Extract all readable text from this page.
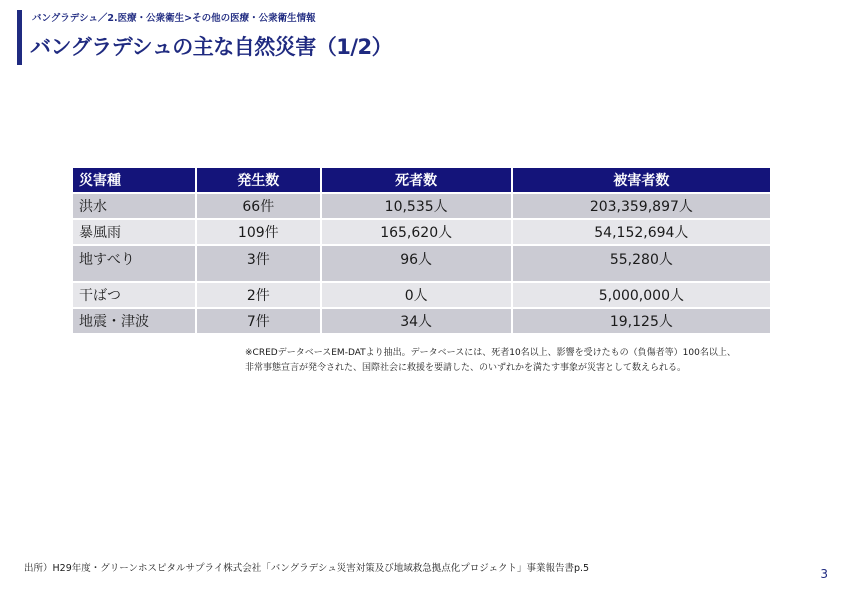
バングラデシュ／2.医療・公衆衛生>その他の医療・公衆衛生情報
バングラデシュの主な自然災害（1/2）
災害種	発生数	死者数	被害者数
洪水	66件	10,535人	203,359,897人
暴風雨	109件	165,620人	54,152,694人
地すべり	3件	96人	55,280人
干ばつ	2件	0人	5,000,000人
地震・津波	7件	34人	19,125人
※CREDデータベースEM-DATより抽出。データベースには、死者10名以上、影響を受けたもの（負傷者等）100名以上、
非常事態宣言が発令された、国際社会に救援を要請した、のいずれかを満たす事象が災害として数えられる。
出所）H29年度・グリーンホスピタルサプライ株式会社「バングラデシュ災害対策及び地域救急拠点化プロジェクト」事業報告書p.5	3
